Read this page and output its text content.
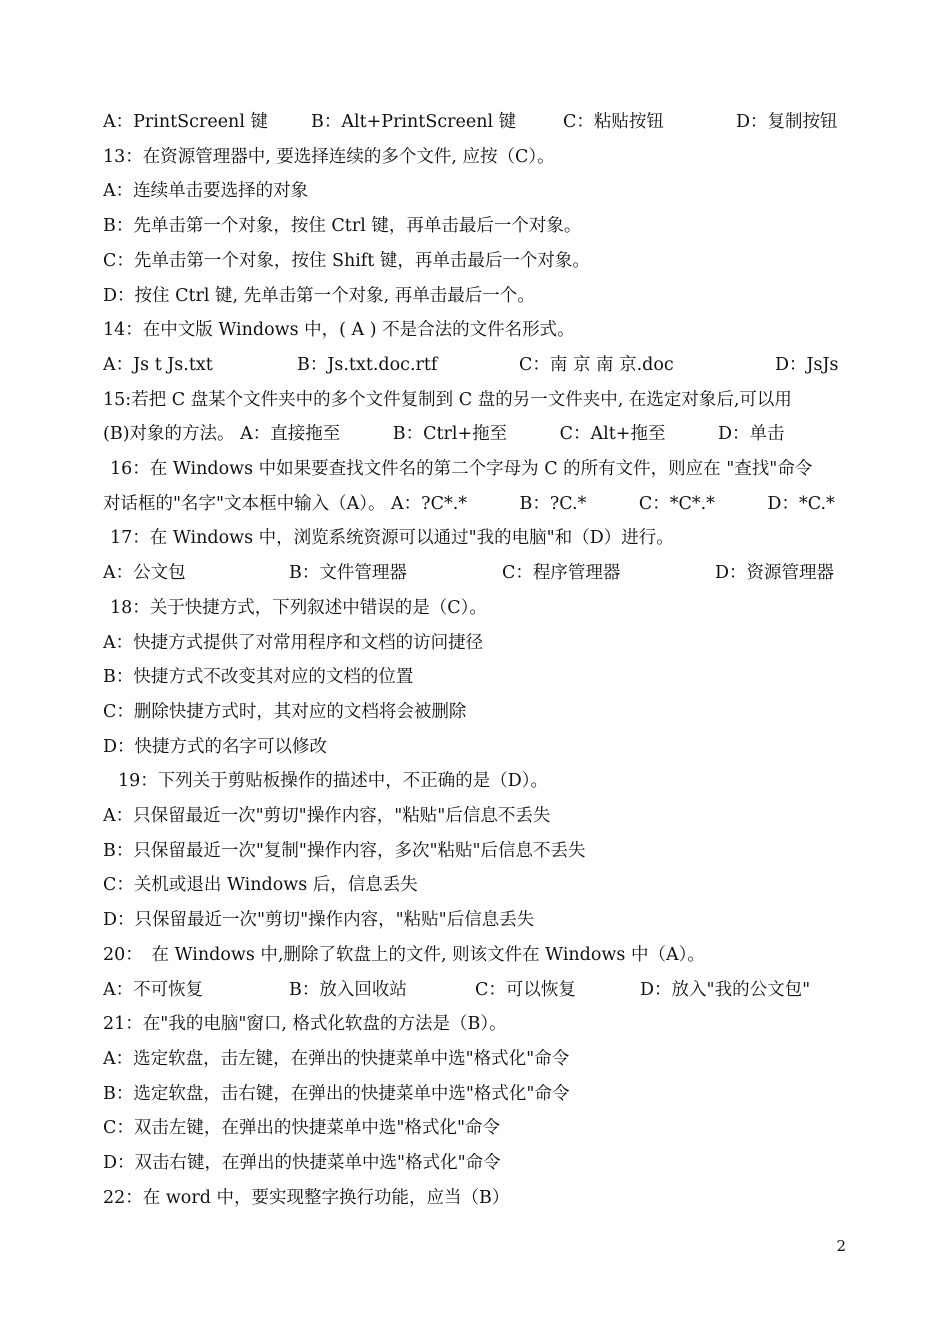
A：PrintScreenl 键	B：Alt+PrintScreenl 键	C：粘贴按钮	D：复制按钮
13：在资源管理器中, 要选择连续的多个文件, 应按（C）。
A：连续单击要选择的对象
B：先单击第一个对象，按住 Ctrl 键，再单击最后一个对象。
C：先单击第一个对象，按住 Shift 键，再单击最后一个对象。
D：按住 Ctrl 键, 先单击第一个对象, 再单击最后一个。
14：在中文版 Windows 中，( A ) 不是合法的文件名形式。
A：Js t Js.txt	B：Js.txt.doc.rtf	C：南 京 南 京.doc	D：JsJs
15:若把 C 盘某个文件夹中的多个文件复制到 C 盘的另一文件夹中, 在选定对象后,可以用
(B)对象的方法。 A：直接拖至　　　B：Ctrl+拖至　　　C：Alt+拖至　　　D：单击
16：在 Windows 中如果要查找文件名的第二个字母为 C 的所有文件，则应在 "查找"命令
对话框的"名字"文本框中输入（A）。 A：?C*.*　　　B：?C.*　　　C：*C*.*　　　D：*C.*
17：在 Windows 中，浏览系统资源可以通过"我的电脑"和（D）进行。
A：公文包	B：文件管理器	C：程序管理器	D：资源管理器
18：关于快捷方式，下列叙述中错误的是（C）。
A：快捷方式提供了对常用程序和文档的访问捷径
B：快捷方式不改变其对应的文档的位置
C：删除快捷方式时，其对应的文档将会被删除
D：快捷方式的名字可以修改
19：下列关于剪贴板操作的描述中，不正确的是（D）。
A：只保留最近一次"剪切"操作内容，"粘贴"后信息不丢失
B：只保留最近一次"复制"操作内容，多次"粘贴"后信息不丢失
C：关机或退出 Windows 后，信息丢失
D：只保留最近一次"剪切"操作内容，"粘贴"后信息丢失
20：　在 Windows 中,删除了软盘上的文件, 则该文件在 Windows 中（A）。
A：不可恢复	B：放入回收站	C：可以恢复	D：放入"我的公文包"
21：在"我的电脑"窗口, 格式化软盘的方法是（B）。
A：选定软盘，击左键，在弹出的快捷菜单中选"格式化"命令
B：选定软盘，击右键，在弹出的快捷菜单中选"格式化"命令
C：双击左键，在弹出的快捷菜单中选"格式化"命令
D：双击右键，在弹出的快捷菜单中选"格式化"命令
22：在 word 中，要实现整字换行功能，应当（B）
2
